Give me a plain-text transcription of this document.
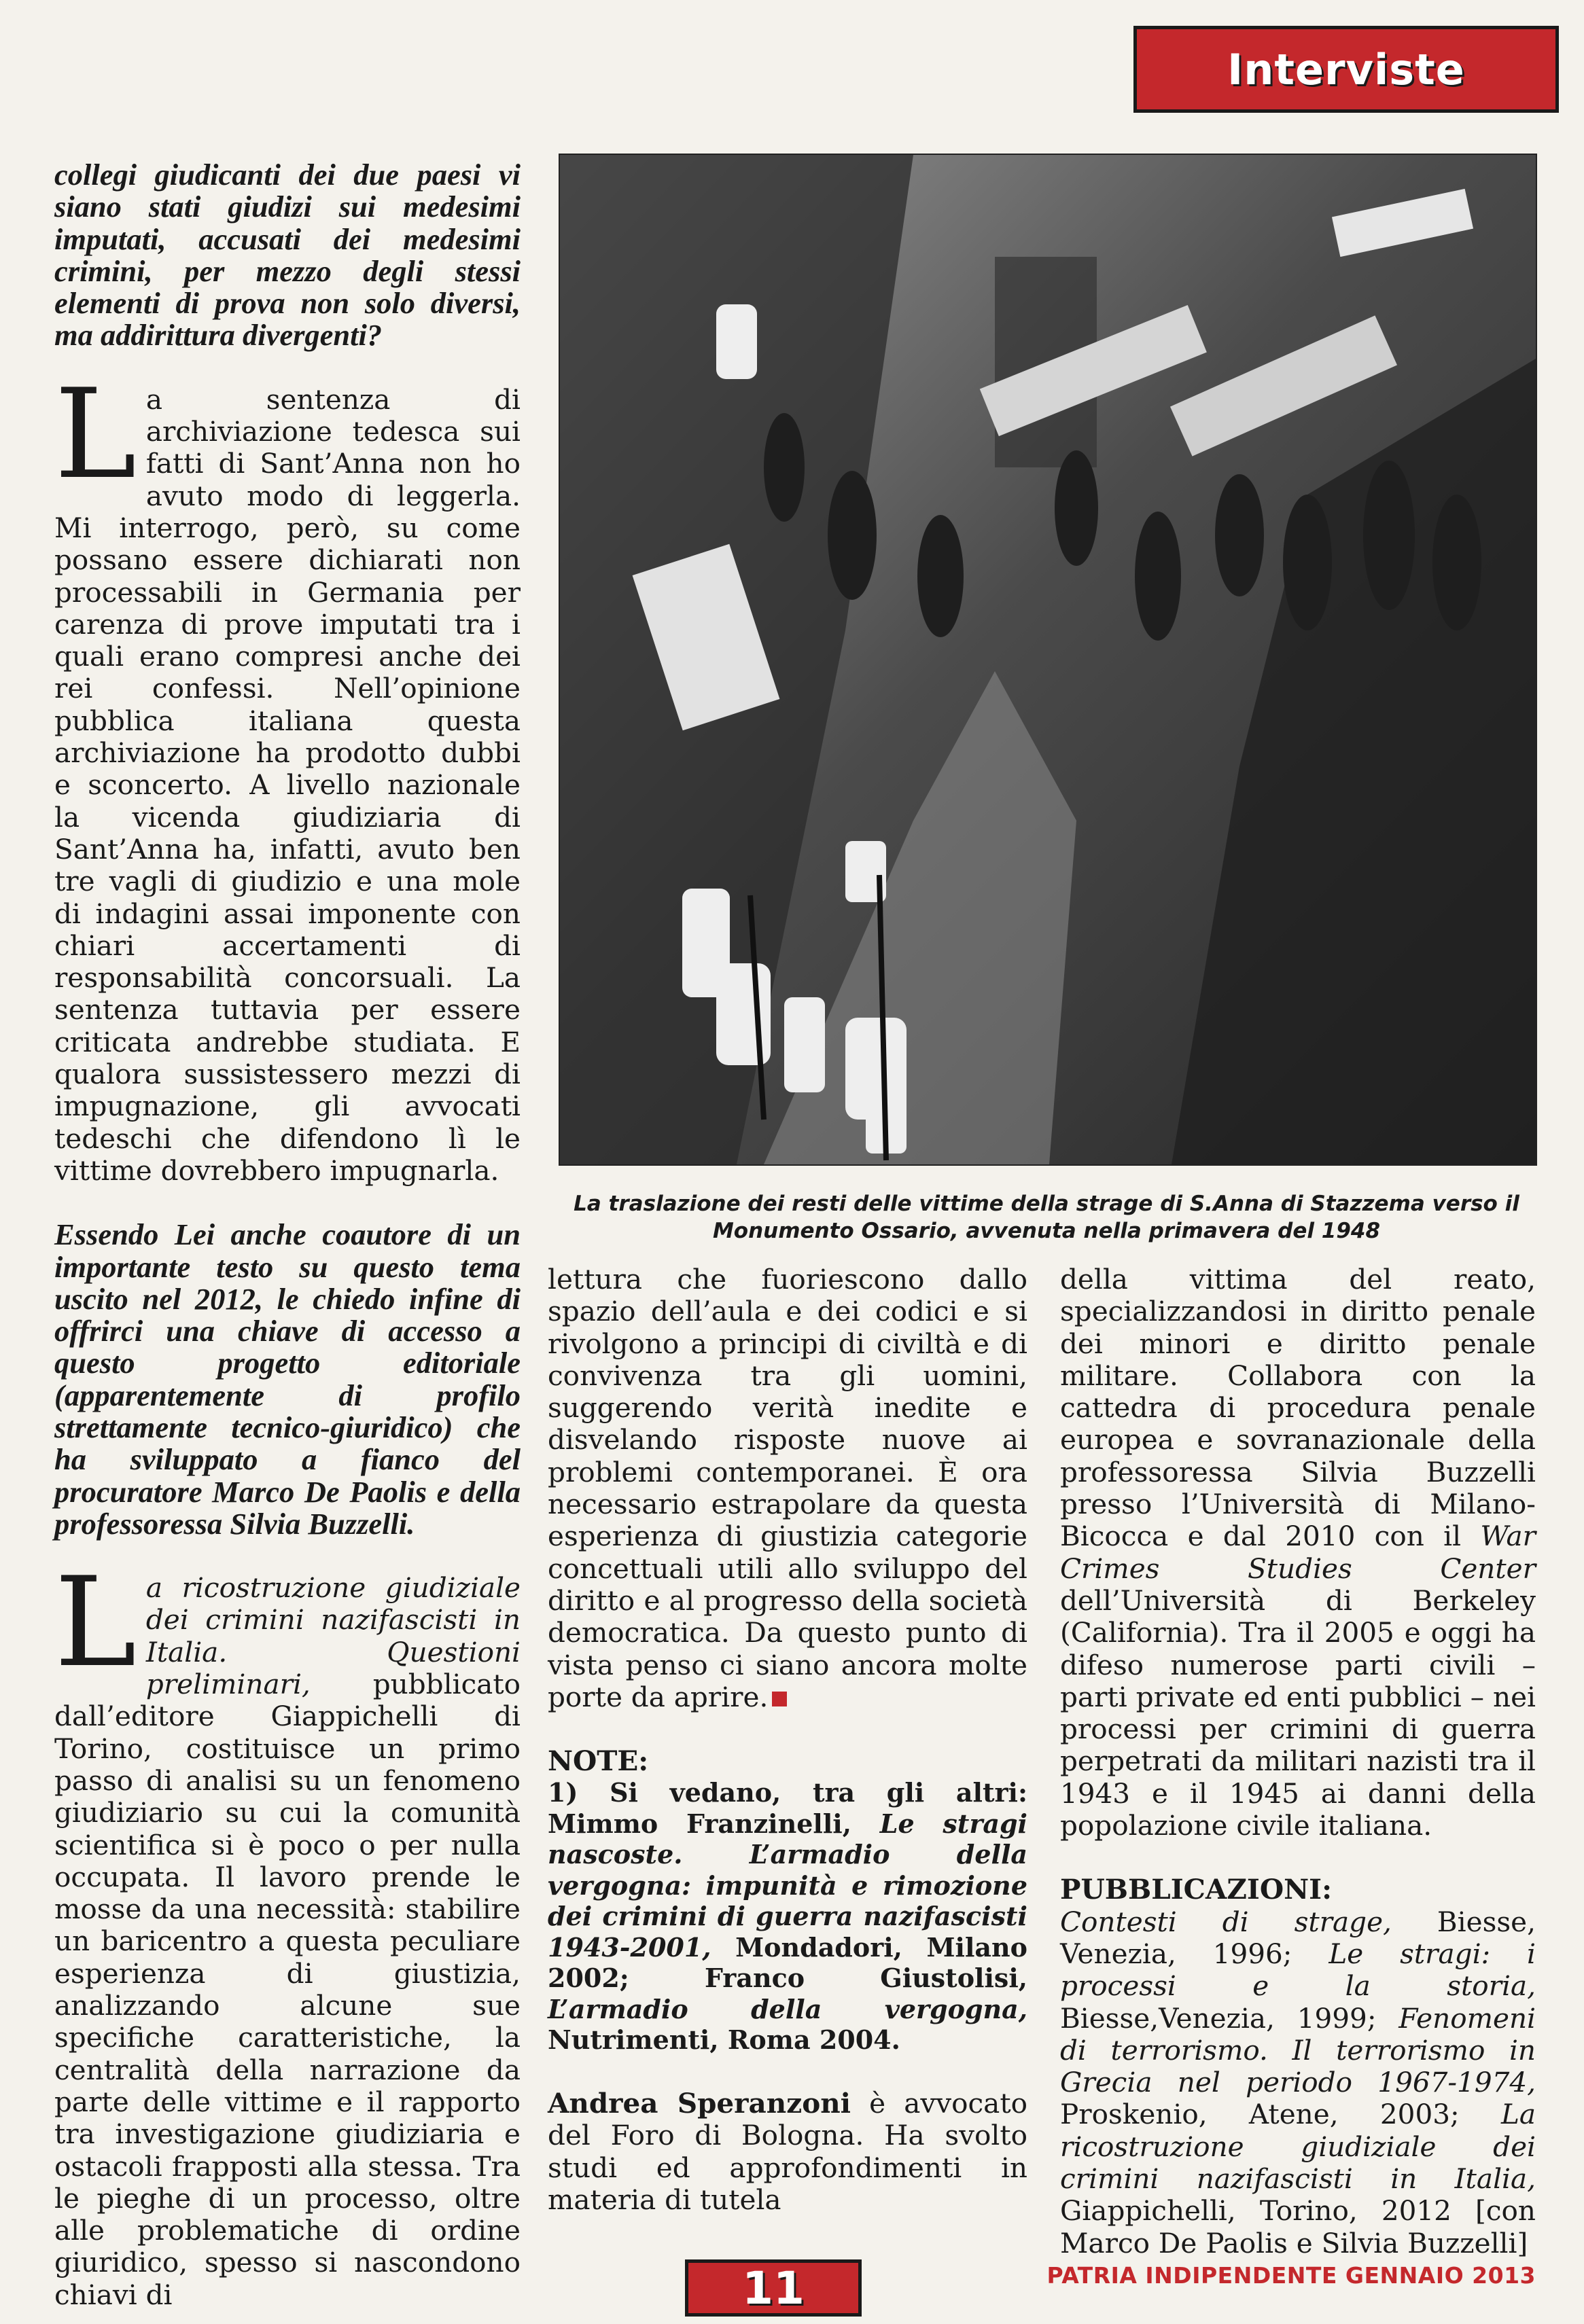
Interviste

collegi giudicanti dei due paesi vi siano stati giudizi sui medesimi imputati, accusati dei medesimi crimini, per mezzo degli stessi elementi di prova non solo diversi, ma addirittura divergenti?

La sentenza di archiviazione tedesca sui fatti di Sant’Anna non ho avuto modo di leggerla. Mi interrogo, però, su come possano essere dichiarati non processabili in Germania per carenza di prove imputati tra i quali erano compresi anche dei rei confessi. Nell’opinione pubblica italiana questa archiviazione ha prodotto dubbi e sconcerto. A livello nazionale la vicenda giudiziaria di Sant’Anna ha, infatti, avuto ben tre vagli di giudizio e una mole di indagini assai imponente con chiari accertamenti di responsabilità concorsuali. La sentenza tuttavia per essere criticata andrebbe studiata. E qualora sussistessero mezzi di impugnazione, gli avvocati tedeschi che difendono lì le vittime dovrebbero impugnarla.

Essendo Lei anche coautore di un importante testo su questo tema uscito nel 2012, le chiedo infine di offrirci una chiave di accesso a questo progetto editoriale (apparentemente di profilo strettamente tecnico-giuridico) che ha sviluppato a fianco del procuratore Marco De Paolis e della professoressa Silvia Buzzelli.

La ricostruzione giudiziale dei crimini nazifascisti in Italia. Questioni preliminari, pubblicato dall’editore Giappichelli di Torino, costituisce un primo passo di analisi su un fenomeno giudiziario su cui la comunità scientifica si è poco o per nulla occupata. Il lavoro prende le mosse da una necessità: stabilire un baricentro a questa peculiare esperienza di giustizia, analizzando alcune sue specifiche caratteristiche, la centralità della narrazione da parte delle vittime e il rapporto tra investigazione giudiziaria e ostacoli frapposti alla stessa. Tra le pieghe di un processo, oltre alle problematiche di ordine giuridico, spesso si nascondono chiavi di

La traslazione dei resti delle vittime della strage di S.Anna di Stazzema verso il Monumento Ossario, avvenuta nella primavera del 1948

lettura che fuoriescono dallo spazio dell’aula e dei codici e si rivolgono a principi di civiltà e di convivenza tra gli uomini, suggerendo verità inedite e disvelando risposte nuove ai problemi contemporanei. È ora necessario estrapolare da questa esperienza di giustizia categorie concettuali utili allo sviluppo del diritto e al progresso della società democratica. Da questo punto di vista penso ci siano ancora molte porte da aprire.

NOTE:

1) Si vedano, tra gli altri: Mimmo Franzinelli, Le stragi nascoste. L’armadio della vergogna: impunità e rimozione dei crimini di guerra nazifascisti 1943-2001, Mondadori, Milano 2002; Franco Giustolisi, L’armadio della vergogna, Nutrimenti, Roma 2004.

Andrea Speranzoni è avvocato del Foro di Bologna. Ha svolto studi ed approfondimenti in materia di tutela

della vittima del reato, specializzandosi in diritto penale dei minori e diritto penale militare. Collabora con la cattedra di procedura penale europea e sovranazionale della professoressa Silvia Buzzelli presso l’Università di Milano-Bicocca e dal 2010 con il War Crimes Studies Center dell’Università di Berkeley (California). Tra il 2005 e oggi ha difeso numerose parti civili – parti private ed enti pubblici – nei processi per crimini di guerra perpetrati da militari nazisti tra il 1943 e il 1945 ai danni della popolazione civile italiana.

PUBBLICAZIONI:
Contesti di strage, Biesse, Venezia, 1996; Le stragi: i processi e la storia, Biesse,Venezia, 1999; Fenomeni di terrorismo. Il terrorismo in Grecia nel periodo 1967-1974, Proskenio, Atene, 2003; La ricostruzione giudiziale dei crimini nazifascisti in Italia, Giappichelli, Torino, 2012 [con Marco De Paolis e Silvia Buzzelli]

11	PATRIA INDIPENDENTE GENNAIO 2013
